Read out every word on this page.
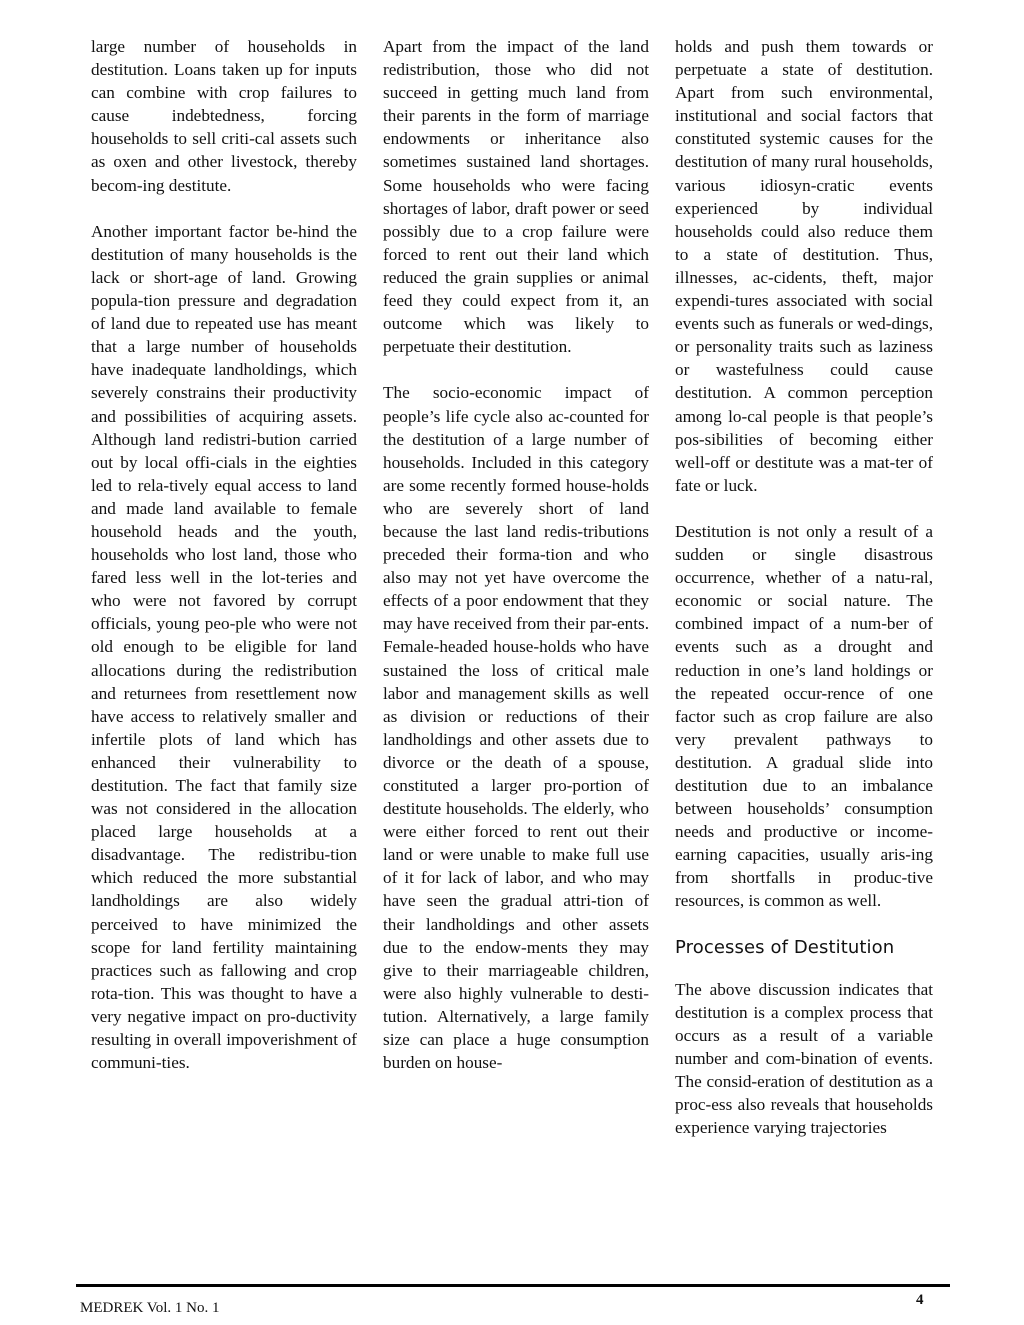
large number of households in destitution. Loans taken up for inputs can combine with crop failures to cause indebtedness, forcing households to sell criti-cal assets such as oxen and other livestock, thereby becom-ing destitute.

Another important factor be-hind the destitution of many households is the lack or short-age of land. Growing popula-tion pressure and degradation of land due to repeated use has meant that a large number of households have inadequate landholdings, which severely constrains their productivity and possibilities of acquiring assets. Although land redistri-bution carried out by local offi-cials in the eighties led to rela-tively equal access to land and made land available to female household heads and the youth, households who lost land, those who fared less well in the lot-teries and who were not favored by corrupt officials, young peo-ple who were not old enough to be eligible for land allocations during the redistribution and returnees from resettlement now have access to relatively smaller and infertile plots of land which has enhanced their vulnerability to destitution. The fact that family size was not considered in the allocation placed large households at a disadvantage. The redistribu-tion which reduced the more substantial landholdings are also widely perceived to have minimized the scope for land fertility maintaining practices such as fallowing and crop rota-tion. This was thought to have a very negative impact on pro-ductivity resulting in overall impoverishment of communi-ties.

Apart from the impact of the land redistribution, those who did not succeed in getting much land from their parents in the form of marriage endowments or inheritance also sometimes sustained land shortages. Some households who were facing shortages of labor, draft power or seed possibly due to a crop failure were forced to rent out their land which reduced the grain supplies or animal feed they could expect from it, an outcome which was likely to perpetuate their destitution.

The socio-economic impact of people’s life cycle also ac-counted for the destitution of a large number of households. Included in this category are some recently formed house-holds who are severely short of land because the last land redis-tributions preceded their forma-tion and who also may not yet have overcome the effects of a poor endowment that they may have received from their par-ents. Female-headed house-holds who have sustained the loss of critical male labor and management skills as well as division or reductions of their landholdings and other assets due to divorce or the death of a spouse, constituted a larger pro-portion of destitute households. The elderly, who were either forced to rent out their land or were unable to make full use of it for lack of labor, and who may have seen the gradual attri-tion of their landholdings and other assets due to the endow-ments they may give to their marriageable children, were also highly vulnerable to desti-tution. Alternatively, a large family size can place a huge consumption burden on house-

holds and push them towards or perpetuate a state of destitution. Apart from such environmental, institutional and social factors that constituted systemic causes for the destitution of many rural households, various idiosyn-cratic events experienced by individual households could also reduce them to a state of destitution. Thus, illnesses, ac-cidents, theft, major expendi-tures associated with social events such as funerals or wed-dings, or personality traits such as laziness or wastefulness could cause destitution. A common perception among lo-cal people is that people’s pos-sibilities of becoming either well-off or destitute was a mat-ter of fate or luck.

Destitution is not only a result of a sudden or single disastrous occurrence, whether of a natu-ral, economic or social nature. The combined impact of a num-ber of events such as a drought and reduction in one’s land holdings or the repeated occur-rence of one factor such as crop failure are also very prevalent pathways to destitution. A gradual slide into destitution due to an imbalance between households’ consumption needs and productive or income-earning capacities, usually aris-ing from shortfalls in produc-tive resources, is common as well.

Processes of Destitution

The above discussion indicates that destitution is a complex process that occurs as a result of a variable number and com-bination of events. The consid-eration of destitution as a proc-ess also reveals that households experience varying trajectories

MEDREK Vol. 1 No. 1	4
